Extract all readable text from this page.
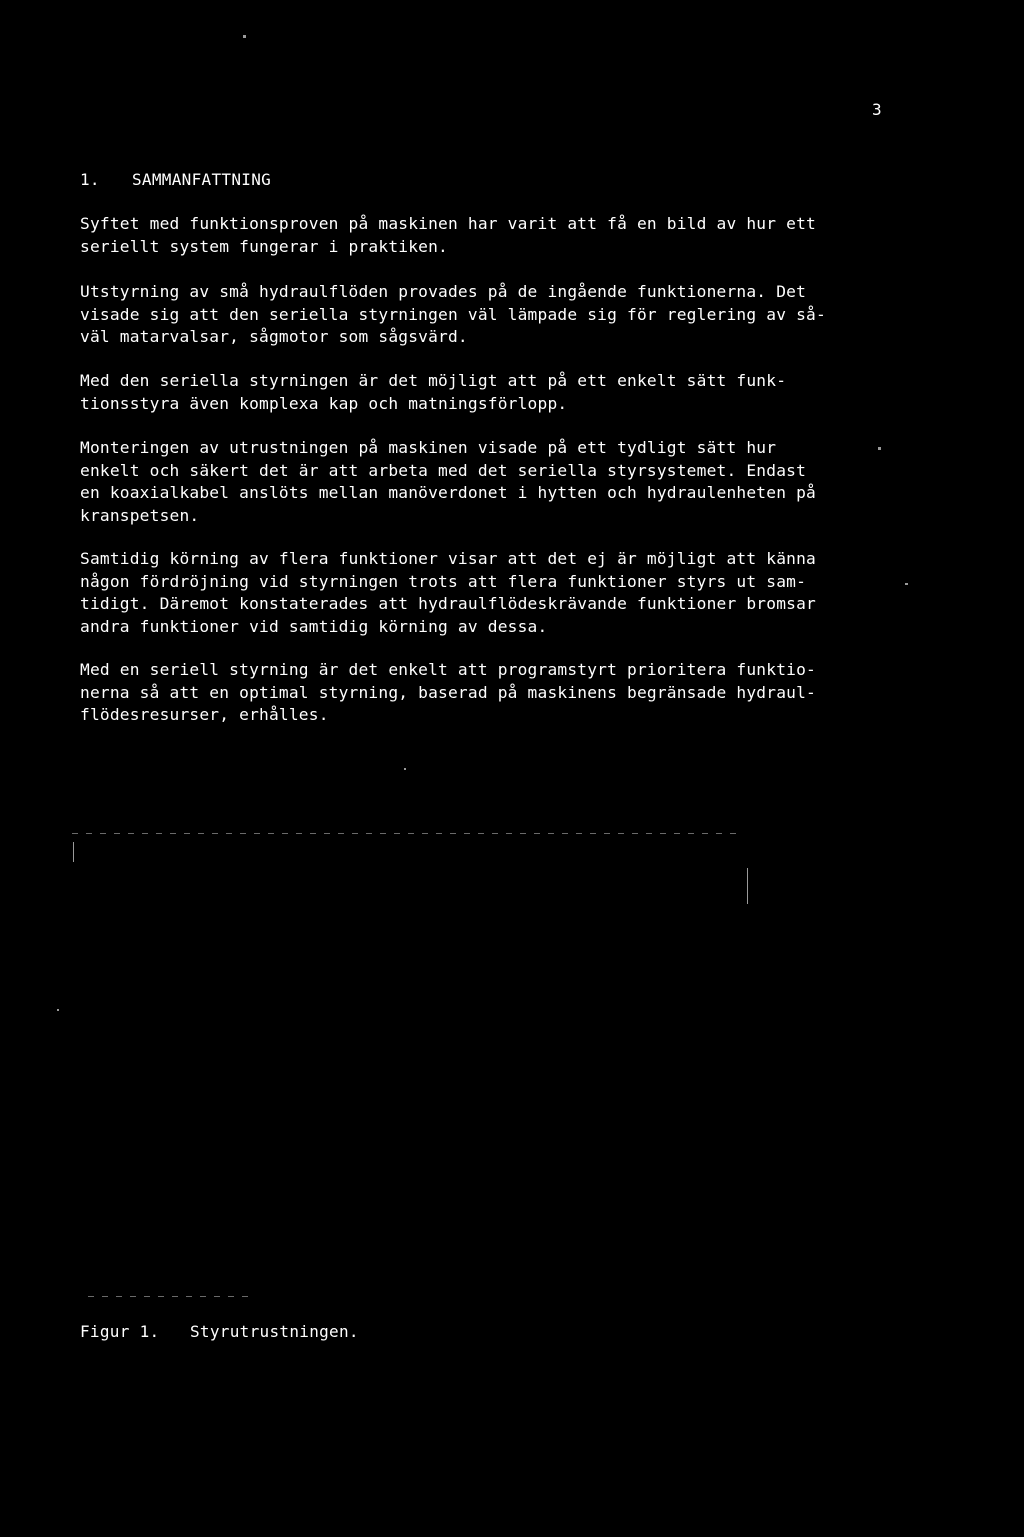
3
1. SAMMANFATTNING

Syftet med funktionsproven på maskinen har varit att få en bild av hur ett
seriellt system fungerar i praktiken.

Utstyrning av små hydraulflöden provades på de ingående funktionerna. Det
visade sig att den seriella styrningen väl lämpade sig för reglering av så-
väl matarvalsar, sågmotor som sågsvärd.

Med den seriella styrningen är det möjligt att på ett enkelt sätt funk-
tionsstyra även komplexa kap och matningsförlopp.

Monteringen av utrustningen på maskinen visade på ett tydligt sätt hur
enkelt och säkert det är att arbeta med det seriella styrsystemet. Endast
en koaxialkabel anslöts mellan manöverdonet i hytten och hydraulenheten på
kranspetsen.

Samtidig körning av flera funktioner visar att det ej är möjligt att känna
någon fördröjning vid styrningen trots att flera funktioner styrs ut sam-
tidigt. Däremot konstaterades att hydraulflödeskrävande funktioner bromsar
andra funktioner vid samtidig körning av dessa.

Med en seriell styrning är det enkelt att programstyrt prioritera funktio-
nerna så att en optimal styrning, baserad på maskinens begränsade hydraul-
flödesresurser, erhålles.

Figur 1. Styrutrustningen.
